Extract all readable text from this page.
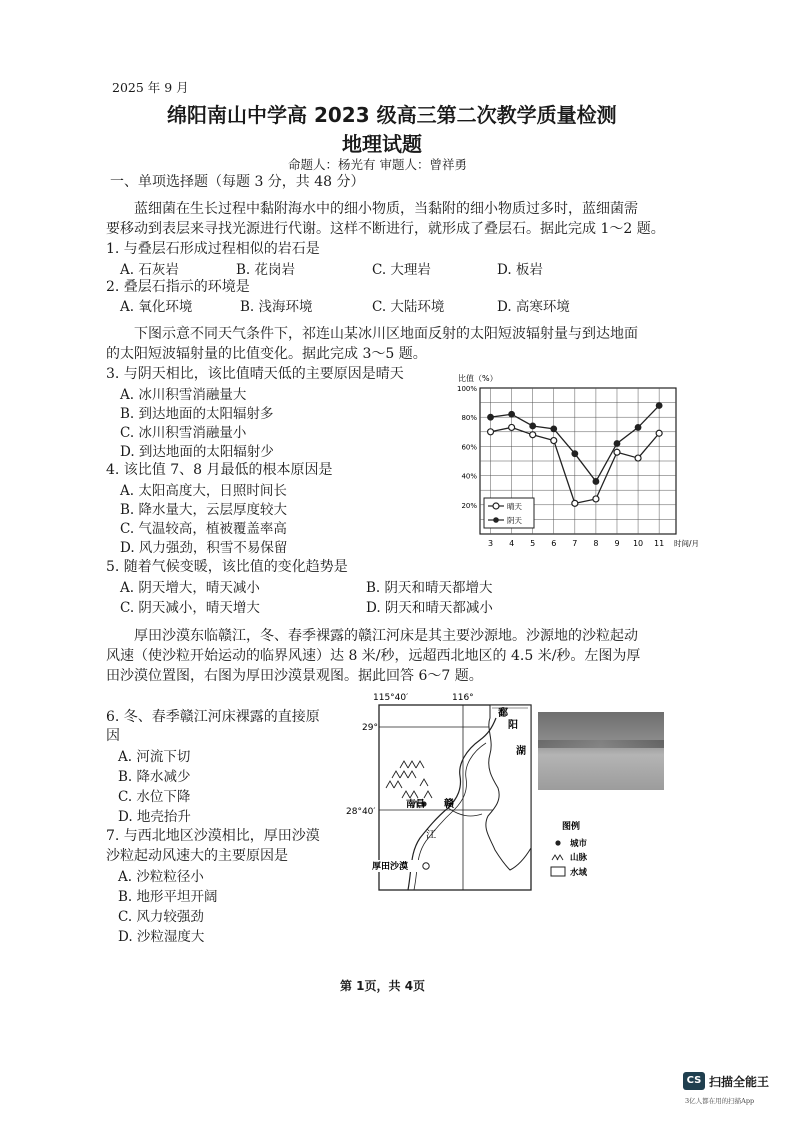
2025 年 9 月
绵阳南山中学高 2023 级高三第二次教学质量检测
地理试题
命题人：杨光有 审题人：曾祥勇
一、单项选择题（每题 3 分，共 48 分）
蓝细菌在生长过程中黏附海水中的细小物质，当黏附的细小物质过多时，蓝细菌需
要移动到表层来寻找光源进行代谢。这样不断进行，就形成了叠层石。据此完成 1～2 题。
1. 与叠层石形成过程相似的岩石是
A. 石灰岩	B. 花岗岩	C. 大理岩	D. 板岩
2. 叠层石指示的环境是
A. 氧化环境	B. 浅海环境	C. 大陆环境	D. 高寒环境
下图示意不同天气条件下，祁连山某冰川区地面反射的太阳短波辐射量与到达地面
的太阳短波辐射量的比值变化。据此完成 3～5 题。
3. 与阴天相比，该比值晴天低的主要原因是晴天
A. 冰川积雪消融量大
B. 到达地面的太阳辐射多
C. 冰川积雪消融量小
D. 到达地面的太阳辐射少
4. 该比值 7、8 月最低的根本原因是
A. 太阳高度大，日照时间长
B. 降水量大，云层厚度较大
C. 气温较高，植被覆盖率高
D. 风力强劲，积雪不易保留
5. 随着气候变暖，该比值的变化趋势是
A. 阴天增大，晴天减小	B. 阴天和晴天都增大
C. 阴天减小，晴天增大	D. 阴天和晴天都减小
比值（%）
20%
40%
60%
80%
100%
3 4 5 6 7 8 9 10 11
晴天
阴天
时间/月
厚田沙漠东临赣江，冬、春季裸露的赣江河床是其主要沙源地。沙源地的沙粒起动
风速（使沙粒开始运动的临界风速）达 8 米/秒，远超西北地区的 4.5 米/秒。左图为厚
田沙漠位置图，右图为厚田沙漠景观图。据此回答 6～7 题。
6. 冬、春季赣江河床裸露的直接原
因
A. 河流下切
B. 降水减少
C. 水位下降
D. 地壳抬升
7. 与西北地区沙漠相比，厚田沙漠
沙粒起动风速大的主要原因是
A. 沙粒粒径小
B. 地形平坦开阔
C. 风力较强劲
D. 沙粒湿度大
115°40′	116°
29°
28°40′
南昌 赣
江
鄱
阳
湖
厚田沙漠
图例
城市
山脉
水域
第 1页，共 4页
CS 扫描全能王
3亿人都在用的扫描App
